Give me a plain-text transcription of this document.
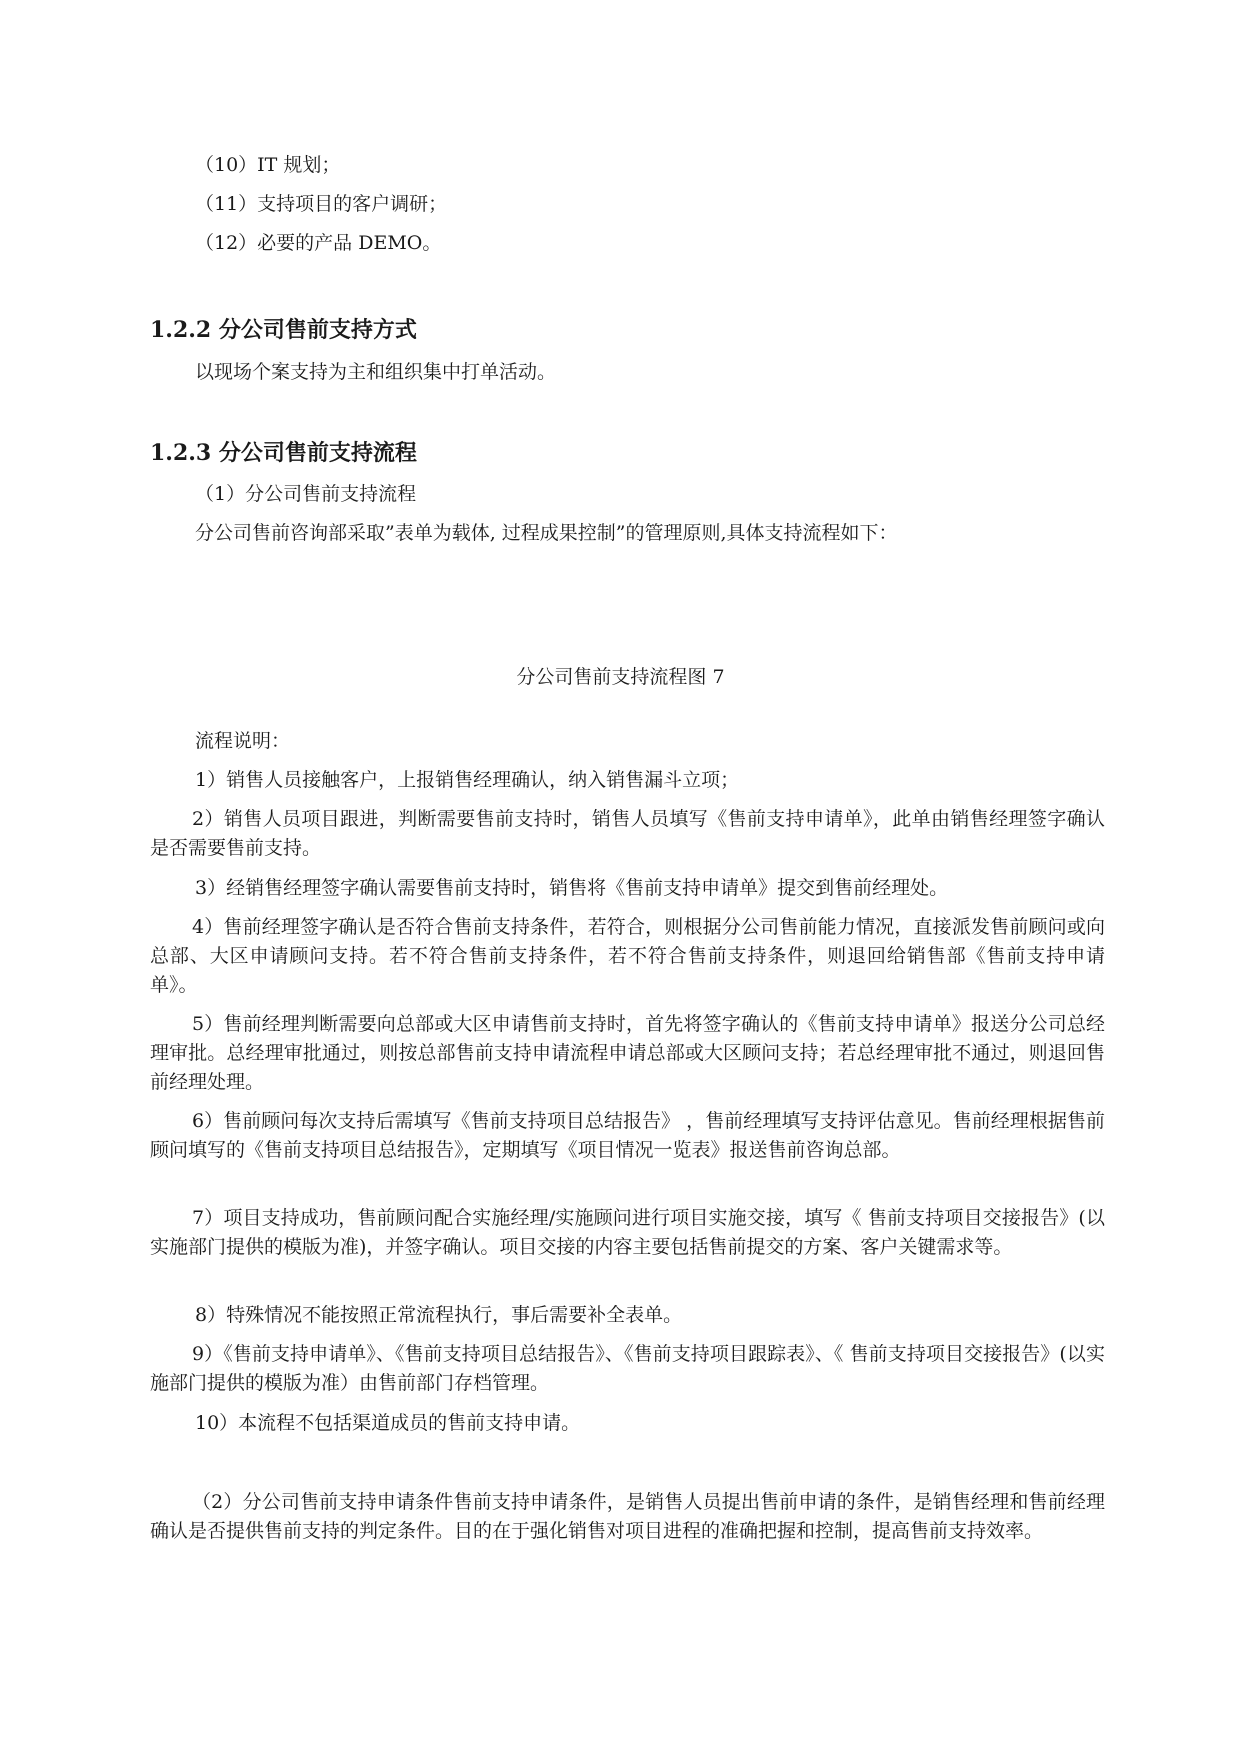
（10）IT 规划；
（11）支持项目的客户调研；
（12）必要的产品 DEMO。
1.2.2 分公司售前支持方式
以现场个案支持为主和组织集中打单活动。
1.2.3 分公司售前支持流程
（1）分公司售前支持流程
分公司售前咨询部采取”表单为载体, 过程成果控制”的管理原则,具体支持流程如下：
分公司售前支持流程图 7
流程说明：
1）销售人员接触客户，上报销售经理确认，纳入销售漏斗立项；
2）销售人员项目跟进，判断需要售前支持时，销售人员填写《售前支持申请单》，此单由销售经理签字确认是否需要售前支持。
3）经销售经理签字确认需要售前支持时，销售将《售前支持申请单》提交到售前经理处。
4）售前经理签字确认是否符合售前支持条件，若符合，则根据分公司售前能力情况，直接派发售前顾问或向总部、大区申请顾问支持。若不符合售前支持条件，若不符合售前支持条件，则退回给销售部《售前支持申请单》。
5）售前经理判断需要向总部或大区申请售前支持时，首先将签字确认的《售前支持申请单》报送分公司总经理审批。总经理审批通过，则按总部售前支持申请流程申请总部或大区顾问支持；若总经理审批不通过，则退回售前经理处理。
6）售前顾问每次支持后需填写《售前支持项目总结报告》 ，售前经理填写支持评估意见。售前经理根据售前顾问填写的《售前支持项目总结报告》，定期填写《项目情况一览表》报送售前咨询总部。
7）项目支持成功，售前顾问配合实施经理/实施顾问进行项目实施交接，填写《 售前支持项目交接报告》(以实施部门提供的模版为准)，并签字确认。项目交接的内容主要包括售前提交的方案、客户关键需求等。
8）特殊情况不能按照正常流程执行，事后需要补全表单。
9）《售前支持申请单》、《售前支持项目总结报告》、《售前支持项目跟踪表》、《 售前支持项目交接报告》(以实施部门提供的模版为准）由售前部门存档管理。
10）本流程不包括渠道成员的售前支持申请。
（2）分公司售前支持申请条件售前支持申请条件，是销售人员提出售前申请的条件，是销售经理和售前经理确认是否提供售前支持的判定条件。目的在于强化销售对项目进程的准确把握和控制，提高售前支持效率。
